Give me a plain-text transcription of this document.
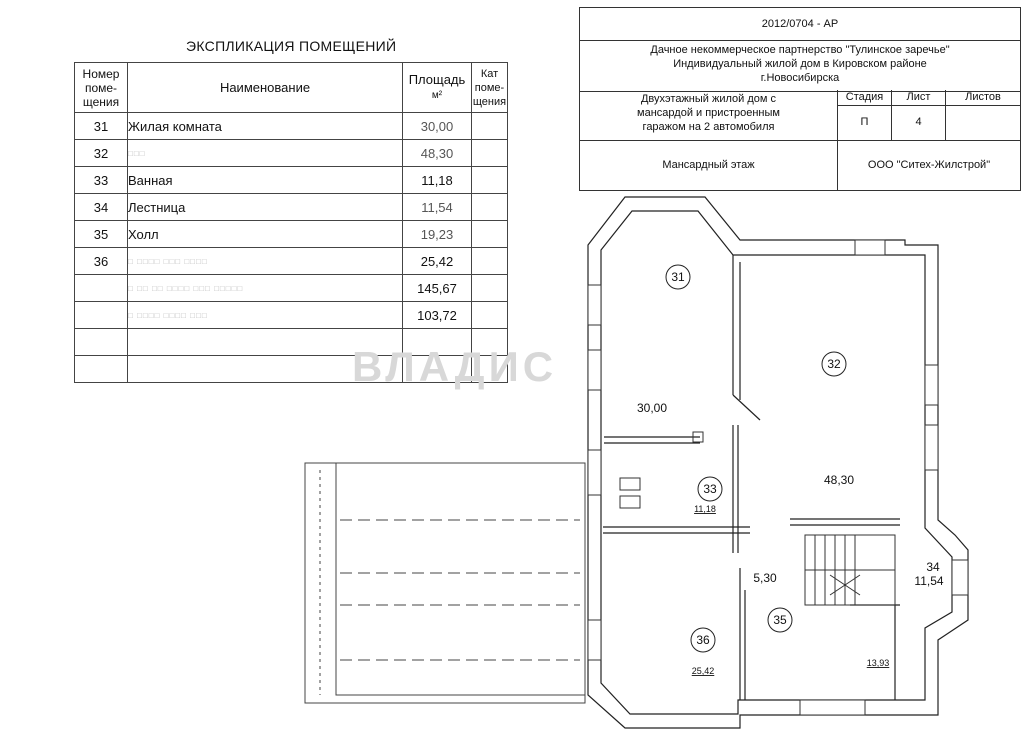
ЭКСПЛИКАЦИЯ ПОМЕЩЕНИЙ
Номер
поме-
щения	Наименование	Площадь
м²	Кат
поме-
щения
31	Жилая комната	30,00	
32	□□□	48,30	
33	Ванная	11,18	
34	Лестница	11,54	
35	Холл	19,23	
36	□ □□□□ □□□ □□□□	25,42	
	□ □□ □□ □□□□ □□□ □□□□□	145,67	
	□ □□□□ □□□□ □□□	103,72	

2012/0704 - АР
Дачное некоммерческое партнерство "Тулинское заречье"
Индивидуальный жилой дом в Кировском районе
г.Новосибирска
Двухэтажный жилой дом с
мансардой и пристроенным
гаражом на 2 автомобиля
Стадия
П
Лист
4
Листов
Мансардный этаж	ООО "Ситех-Жилстрой"
31
30,00
32
48,30
33
11,18
34
11,54
35
13,93
36
25,42
5,30
ВЛАДИС
